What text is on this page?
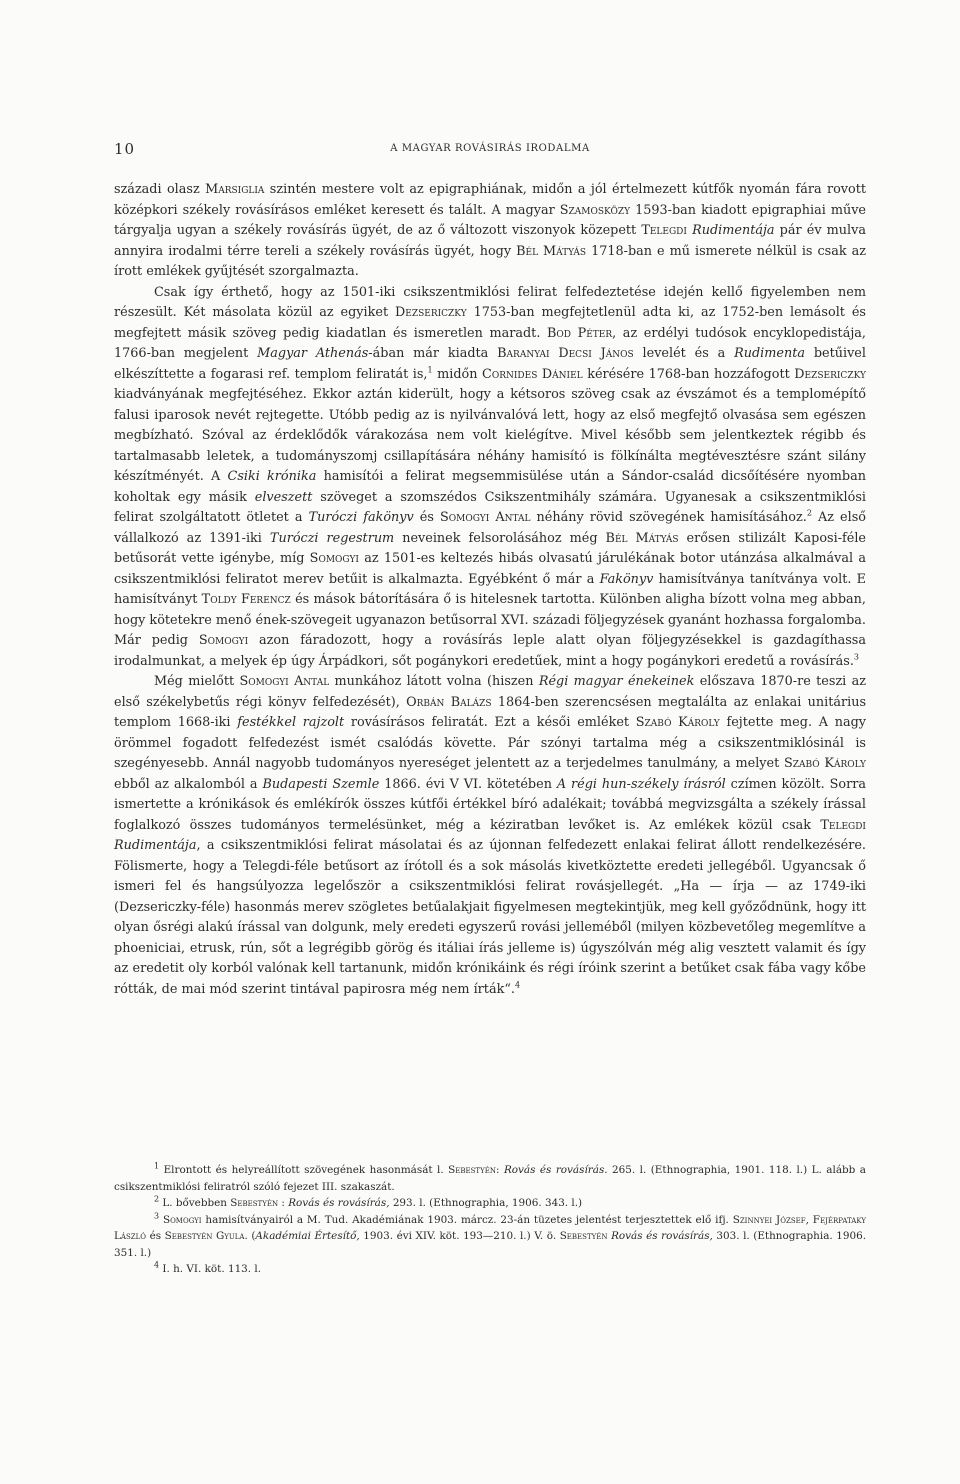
10	A MAGYAR ROVÁSIRÁS IRODALMA

századi olasz Marsiglia szintén mestere volt az epigraphiának, midőn a jól értelmezett kútfők nyomán fára rovott középkori székely rovásírásos emléket keresett és talált. A magyar Szamosközy 1593-ban kiadott epigraphiai műve tárgyalja ugyan a székely rovásírás ügyét, de az ő változott viszonyok közepett Telegdi Rudimentája pár év mulva annyira irodalmi térre tereli a székely rovásírás ügyét, hogy Bél Mátyás 1718-ban e mű ismerete nélkül is csak az írott emlékek gyűjtését szorgalmazta.

Csak így érthető, hogy az 1501-iki csikszentmiklósi felirat felfedeztetése idején kellő figyelemben nem részesült. Két másolata közül az egyiket Dezsericzky 1753-ban megfejtetlenül adta ki, az 1752-ben lemásolt és megfejtett másik szöveg pedig kiadatlan és ismeretlen maradt. Bod Péter, az erdélyi tudósok encyklopedistája, 1766-ban megjelent Magyar Athenás-ában már kiadta Baranyai Decsi János levelét és a Rudimenta betűivel elkészíttette a fogarasi ref. templom feliratát is,$^1$ midőn Cornides Dániel kérésére 1768-ban hozzáfogott Dezsericzky kiadványának megfejtéséhez. Ekkor aztán kiderült, hogy a kétsoros szöveg csak az évszámot és a templomépítő falusi iparosok nevét rejtegette. Utóbb pedig az is nyilvánvalóvá lett, hogy az első megfejtő olvasása sem egészen megbízható. Szóval az érdeklődők várakozása nem volt kielégítve. Mivel később sem jelentkeztek régibb és tartalmasabb leletek, a tudományszomj csillapítására néhány hamisító is fölkínálta megtévesztésre szánt silány készítményét. A Csiki krónika hamisítói a felirat megsemmisülése után a Sándor-család dicsőítésére nyomban koholtak egy másik elveszett szöveget a szomszédos Csikszentmihály számára. Ugyanesak a csikszentmiklósi felirat szolgáltatott ötletet a Turóczi fakönyv és Somogyi Antal néhány rövid szövegének hamisításához.$^2$ Az első vállalkozó az 1391-iki Turóczi regestrum neveinek felsorolásához még Bél Mátyás erősen stilizált Kaposi-féle betűsorát vette igénybe, míg Somogyi az 1501-es keltezés hibás olvasatú járulékának botor utánzása alkalmával a csikszentmiklósi feliratot merev betűit is alkalmazta. Egyébként ő már a Fakönyv hamisítványa tanítványa volt. E hamisítványt Toldy Ferencz és mások bátorítására ő is hitelesnek tartotta. Különben aligha bízott volna meg abban, hogy kötetekre menő ének-szövegeit ugyanazon betűsorral XVI. századi följegyzések gyanánt hozhassa forgalomba. Már pedig Somogyi azon fáradozott, hogy a rovásírás leple alatt olyan följegyzésekkel is gazdagíthassa irodalmunkat, a melyek ép úgy Árpádkori, sőt pogánykori eredetűek, mint a hogy pogánykori eredetű a rovásírás.$^3$

Még mielőtt Somogyi Antal munkához látott volna (hiszen Régi magyar énekeinek előszava 1870-re teszi az első székelybetűs régi könyv felfedezését), Orbán Balázs 1864-ben szerencsésen megtalálta az enlakai unitárius templom 1668-iki festékkel rajzolt rovásírásos feliratát. Ezt a késői emléket Szabó Károly fejtette meg. A nagy örömmel fogadott felfedezést ismét csalódás követte. Pár szónyi tartalma még a csikszentmiklósinál is szegényesebb. Annál nagyobb tudományos nyereséget jelentett az a terjedelmes tanulmány, a melyet Szabó Károly ebből az alkalomból a Budapesti Szemle 1866. évi V VI. kötetében A régi hun-székely írásról czímen közölt. Sorra ismertette a krónikások és emlékírók összes kútfői értékkel bíró adalékait; továbbá megvizsgálta a székely írással foglalkozó összes tudományos termelésünket, még a kéziratban levőket is. Az emlékek közül csak Telegdi Rudimentája, a csikszentmiklósi felirat másolatai és az újonnan felfedezett enlakai felirat állott rendelkezésére. Fölismerte, hogy a Telegdi-féle betűsort az írótoll és a sok másolás kivetköztette eredeti jellegéből. Ugyancsak ő ismeri fel és hangsúlyozza legelőször a csikszentmiklósi felirat rovásjellegét. „Ha — írja — az 1749-iki (Dezsericzky-féle) hasonmás merev szögletes betűalakjait figyelmesen megtekintjük, meg kell győződnünk, hogy itt olyan ősrégi alakú írással van dolgunk, mely eredeti egyszerű rovási jelleméből (milyen közbevetőleg megemlítve a phoeniciai, etrusk, rún, sőt a legrégibb görög és itáliai írás jelleme is) úgyszólván még alig vesztett valamit és így az eredetit oly korból valónak kell tartanunk, midőn krónikáink és régi íróink szerint a betűket csak fába vagy kőbe rótták, de mai mód szerint tintával papirosra még nem írták“.$^4$

$^1$ Elrontott és helyreállított szövegének hasonmását l. Sebestyén: Rovás és rovásírás. 265. l. (Ethnographia, 1901. 118. l.) L. alább a csikszentmiklósi feliratról szóló fejezet III. szakaszát.

$^2$ L. bővebben Sebestyén : Rovás és rovásírás, 293. l. (Ethnographia, 1906. 343. l.)

$^3$ Somogyi hamisítványairól a M. Tud. Akadémiának 1903. márcz. 23-án tüzetes jelentést terjesztettek elő ifj. Szinnyei József, Fejérpataky László és Sebestyén Gyula. (Akadémiai Értesítő, 1903. évi XIV. köt. 193—210. l.) V. ö. Sebestyén Rovás és rovásírás, 303. l. (Ethnographia. 1906. 351. l.)

$^4$ I. h. VI. köt. 113. l.
